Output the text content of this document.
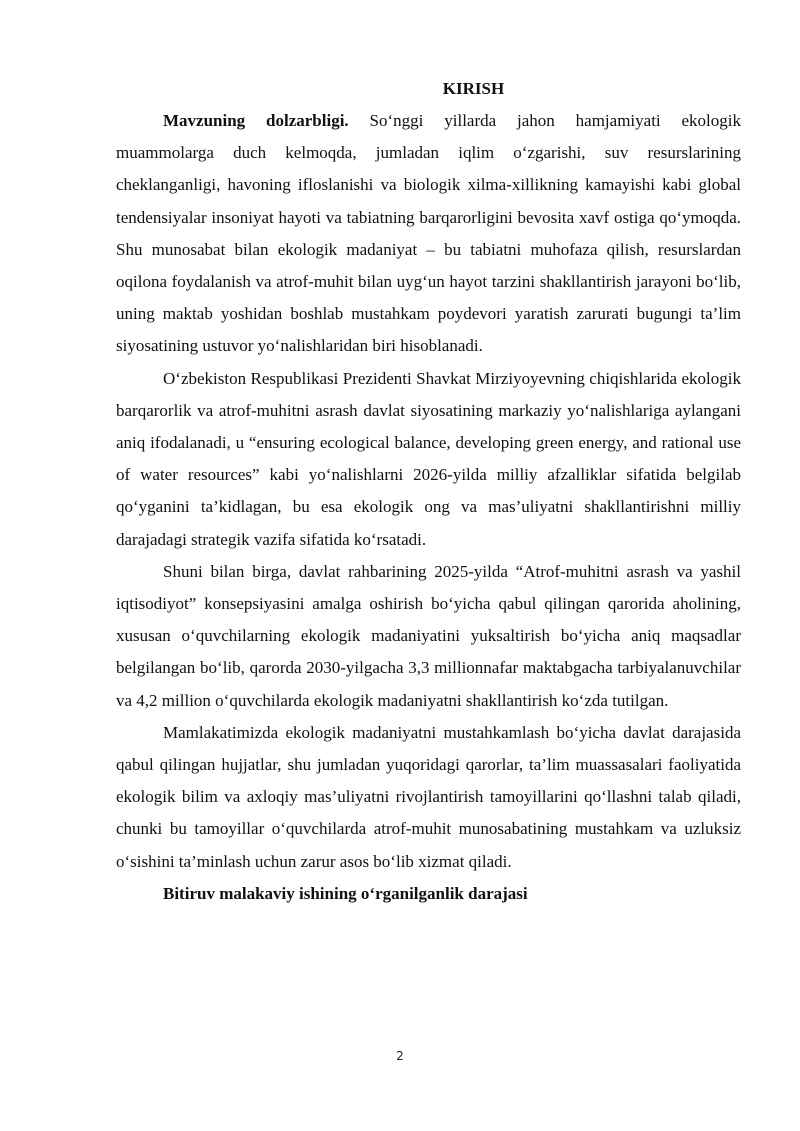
KIRISH

Mavzuning dolzarbligi. So‘nggi yillarda jahon hamjamiyati ekologik muammolarga duch kelmoqda, jumladan iqlim o‘zgarishi, suv resurslarining cheklanganligi, havoning ifloslanishi va biologik xilma-xillikning kamayishi kabi global tendensiyalar insoniyat hayoti va tabiatning barqarorligini bevosita xavf ostiga qo‘ymoqda. Shu munosabat bilan ekologik madaniyat – bu tabiatni muhofaza qilish, resurslardan oqilona foydalanish va atrof-muhit bilan uyg‘un hayot tarzini shakllantirish jarayoni bo‘lib, uning maktab yoshidan boshlab mustahkam poydevori yaratish zarurati bugungi ta’lim siyosatining ustuvor yo‘nalishlaridan biri hisoblanadi.

O‘zbekiston Respublikasi Prezidenti Shavkat Mirziyoyevning chiqishlarida ekologik barqarorlik va atrof-muhitni asrash davlat siyosatining markaziy yo‘nalishlariga aylangani aniq ifodalanadi, u “ensuring ecological balance, developing green energy, and rational use of water resources” kabi yo‘nalishlarni 2026-yilda milliy afzalliklar sifatida belgilab qo‘yganini ta’kidlagan, bu esa ekologik ong va mas’uliyatni shakllantirishni milliy darajadagi strategik vazifa sifatida ko‘rsatadi.

Shuni bilan birga, davlat rahbarining 2025-yilda “Atrof-muhitni asrash va yashil iqtisodiyot” konsepsiyasini amalga oshirish bo‘yicha qabul qilingan qarorida aholining, xususan o‘quvchilarning ekologik madaniyatini yuksaltirish bo‘yicha aniq maqsadlar belgilangan bo‘lib, qarorda 2030-yilgacha 3,3 millionnafar maktabgacha tarbiyalanuvchilar va 4,2 million o‘quvchilarda ekologik madaniyatni shakllantirish ko‘zda tutilgan.

Mamlakatimizda ekologik madaniyatni mustahkamlash bo‘yicha davlat darajasida qabul qilingan hujjatlar, shu jumladan yuqoridagi qarorlar, ta’lim muassasalari faoliyatida ekologik bilim va axloqiy mas’uliyatni rivojlantirish tamoyillarini qo‘llashni talab qiladi, chunki bu tamoyillar o‘quvchilarda atrof-muhit munosabatining mustahkam va uzluksiz o‘sishini ta’minlash uchun zarur asos bo‘lib xizmat qiladi.

Bitiruv malakaviy ishining o‘rganilganlik darajasi

2
